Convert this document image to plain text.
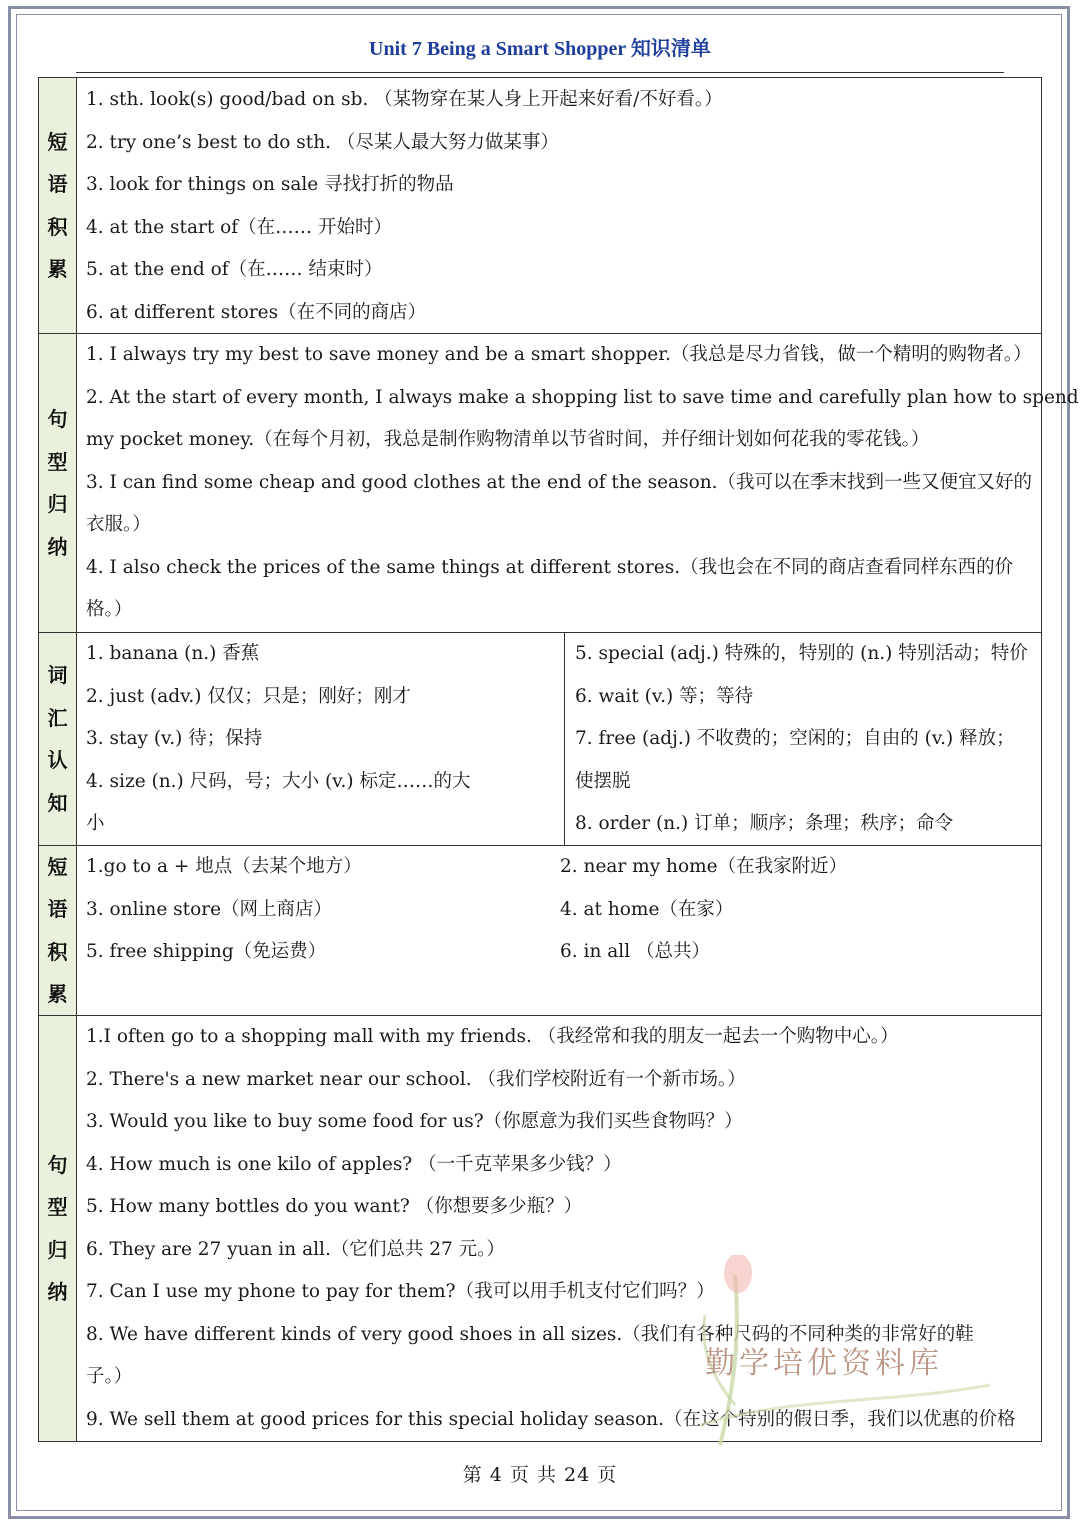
Unit 7 Being a Smart Shopper 知识清单
短
语
积
累
1. sth. look(s) good/bad on sb. （某物穿在某人身上开起来好看/不好看。）
2. try one’s best to do sth. （尽某人最大努力做某事）
3. look for things on sale 寻找打折的物品
4. at the start of（在…… 开始时）
5. at the end of（在…… 结束时）
6. at different stores（在不同的商店）
句
型
归
纳
1. I always try my best to save money and be a smart shopper.（我总是尽力省钱，做一个精明的购物者。）
2. At the start of every month, I always make a shopping list to save time and carefully plan how to spend
my pocket money.（在每个月初，我总是制作购物清单以节省时间，并仔细计划如何花我的零花钱。）
3. I can find some cheap and good clothes at the end of the season.（我可以在季末找到一些又便宜又好的
衣服。）
4. I also check the prices of the same things at different stores.（我也会在不同的商店查看同样东西的价
格。）
词
汇
认
知
1. banana (n.) 香蕉
2. just (adv.) 仅仅；只是；刚好；刚才
3. stay (v.) 待；保持
4. size (n.) 尺码，号；大小 (v.) 标定……的大
小
5. special (adj.) 特殊的，特别的 (n.) 特别活动；特价
6. wait (v.) 等；等待
7. free (adj.) 不收费的；空闲的；自由的 (v.) 释放；
使摆脱
8. order (n.) 订单；顺序；条理；秩序；命令
短
语
积
累
1.go to a + 地点（去某个地方）
3. online store（网上商店）
5. free shipping（免运费）
2. near my home（在我家附近）
4. at home（在家）
6. in all （总共）
句
型
归
纳
1.I often go to a shopping mall with my friends. （我经常和我的朋友一起去一个购物中心。）
2. There's a new market near our school. （我们学校附近有一个新市场。）
3. Would you like to buy some food for us?（你愿意为我们买些食物吗？）
4. How much is one kilo of apples? （一千克苹果多少钱？）
5. How many bottles do you want? （你想要多少瓶？）
6. They are 27 yuan in all.（它们总共 27 元。）
7. Can I use my phone to pay for them?（我可以用手机支付它们吗？）
8. We have different kinds of very good shoes in all sizes.（我们有各种尺码的不同种类的非常好的鞋
子。）
9. We sell them at good prices for this special holiday season.（在这个特别的假日季，我们以优惠的价格
勤学培优资料库
第 4 页 共 24 页
